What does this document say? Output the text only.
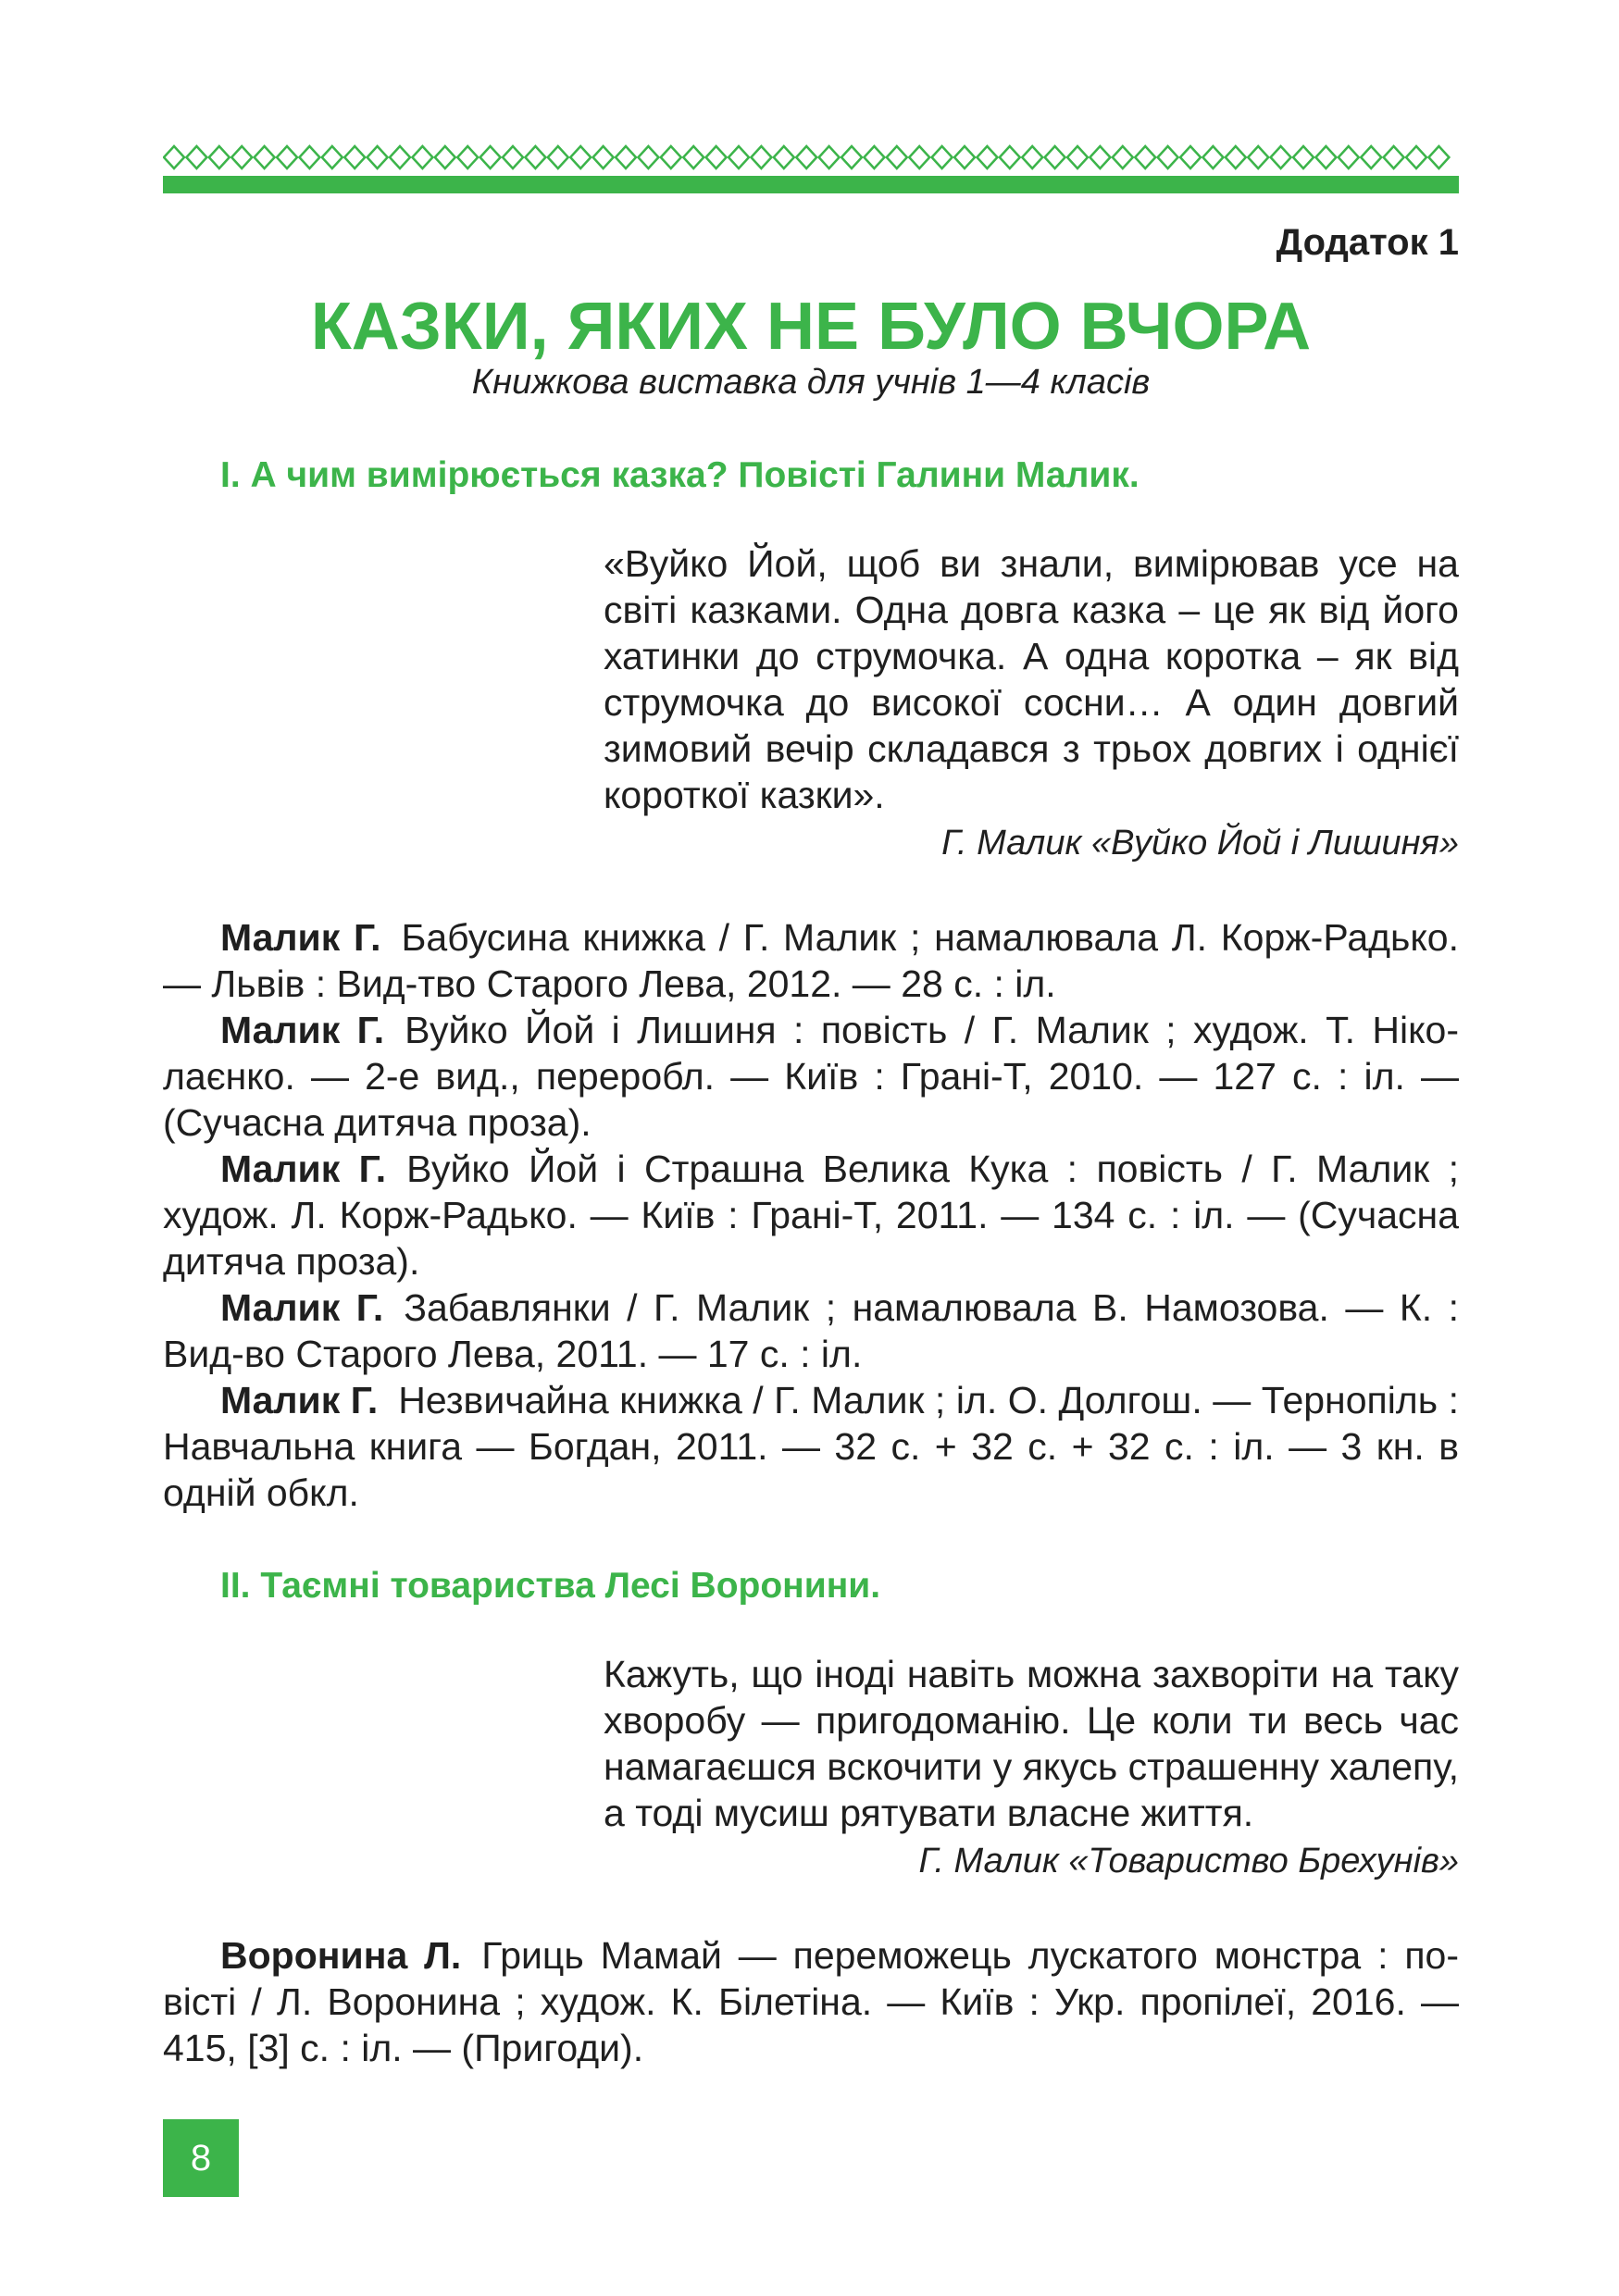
Додаток 1
КАЗКИ, ЯКИХ НЕ БУЛО ВЧОРА
Книжкова виставка для учнів 1—4 класів
І. А чим вимірюється казка? Повісті Галини Малик.
«Вуйко Йой, щоб ви знали, вимірював усе на світі казками. Одна довга казка – це як від його хатинки до струмочка. А одна коротка – як від струмочка до високої сосни… А один довгий зимовий вечір складався з трьох довгих і однієї короткої казки».
Г. Малик «Вуйко Йой і Лишиня»

Малик Г. Бабусина книжка / Г. Малик ; намалювала Л. Корж-Радько. — Львів : Вид-тво Старого Лева, 2012. — 28 с. : іл.

Малик Г. Вуйко Йой і Лишиня : повість / Г. Малик ; худож. Т. Ніколаєнко. — 2-е вид., переробл. — Київ : Грані-Т, 2010. — 127 с. : іл. — (Сучасна дитяча проза).

Малик Г. Вуйко Йой і Страшна Велика Кука : повість / Г. Малик ; худож. Л. Корж-Радько. — Київ : Грані-Т, 2011. — 134 с. : іл. — (Сучасна дитяча проза).

Малик Г. Забавлянки / Г. Малик ; намалювала В. Намозова. — К. : Вид-во Старого Лева, 2011. — 17 с. : іл.

Малик Г. Незвичайна книжка / Г. Малик ; іл. О. Долгош. — Тернопіль : Навчальна книга — Богдан, 2011. — 32 с. + 32 с. + 32 с. : іл. — 3 кн. в одній обкл.

ІІ. Таємні товариства Лесі Воронини.
Кажуть, що іноді навіть можна захворіти на таку хворобу — пригодоманію. Це коли ти весь час намагаєшся вскочити у якусь страшенну халепу, а тоді мусиш рятувати власне життя.
Г. Малик «Товариство Брехунів»

Воронина Л. Гриць Мамай — переможець лускатого монстра : повісті / Л. Воронина ; худож. К. Білетіна. — Київ : Укр. пропілеї, 2016. — 415, [3] с. : іл. — (Пригоди).

8
